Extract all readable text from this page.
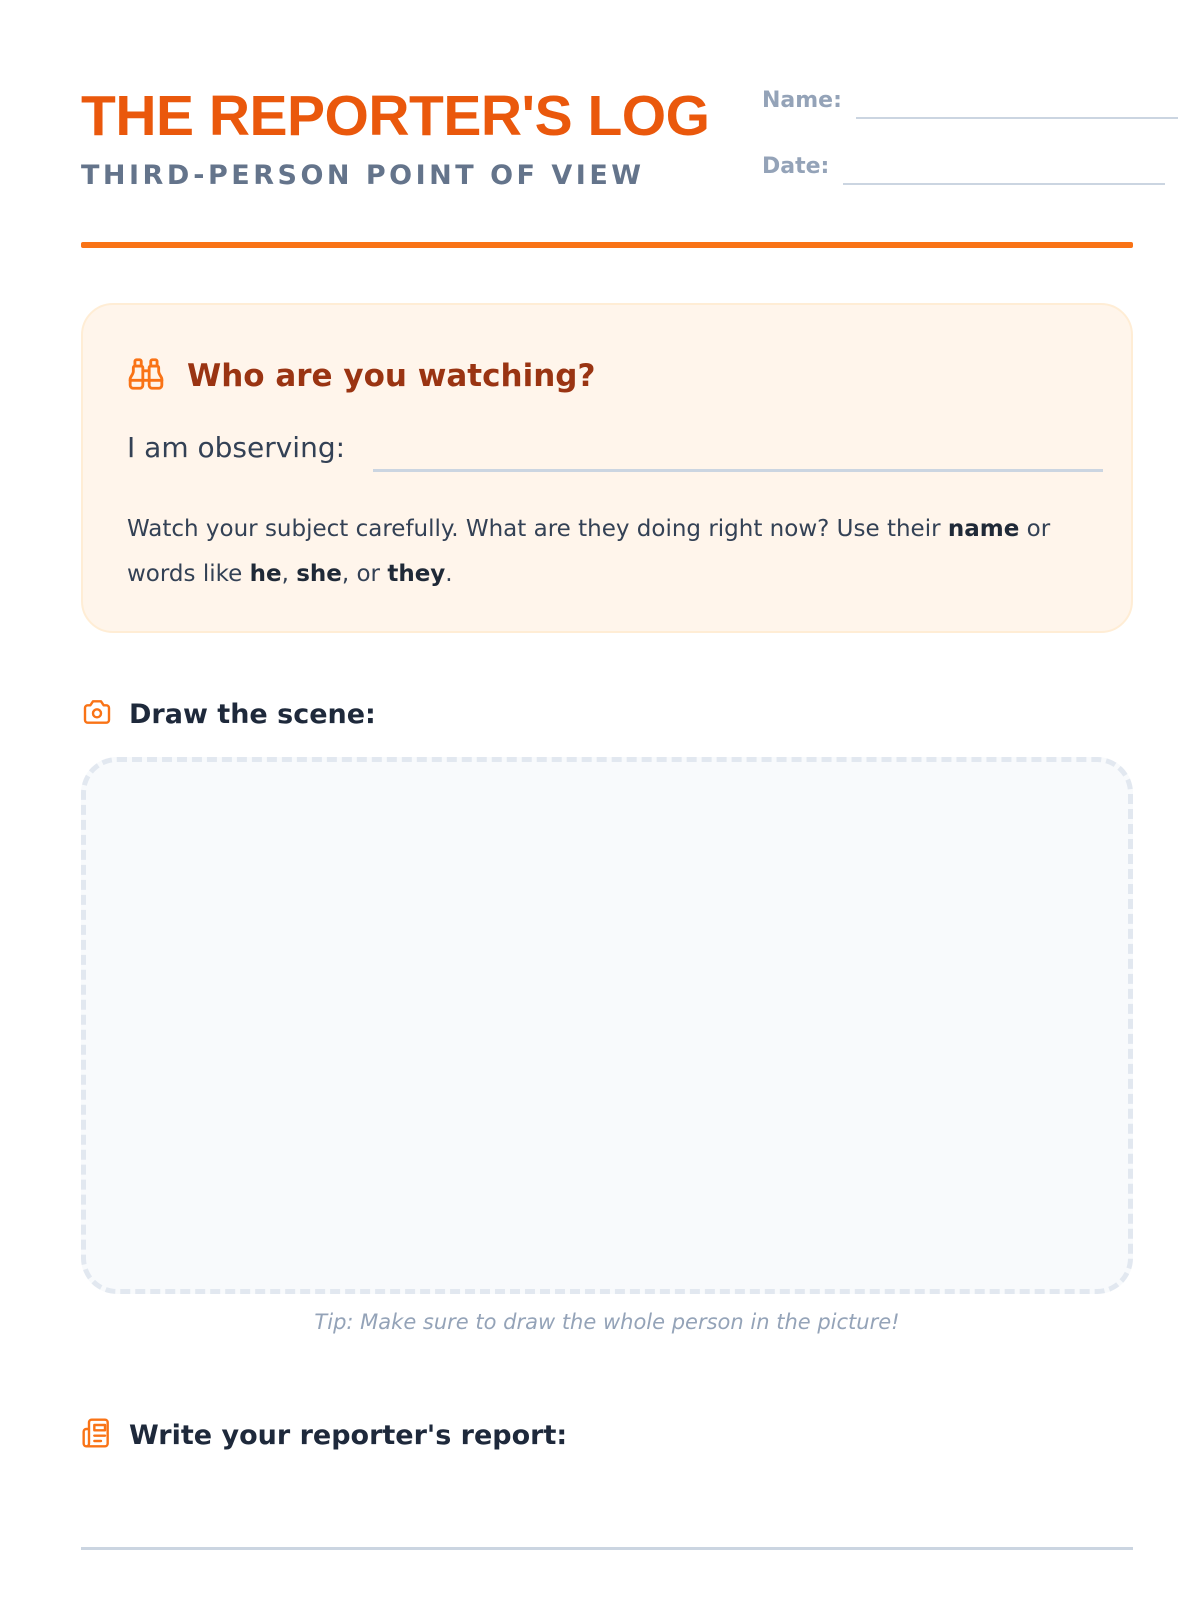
THE REPORTER'S LOG
THIRD-PERSON POINT OF VIEW
Name:
Date:
Who are you watching?
I am observing:

Watch your subject carefully. What are they doing right now? Use their name or words like he, she, or they.

Draw the scene:
Tip: Make sure to draw the whole person in the picture!
Write your reporter's report:
